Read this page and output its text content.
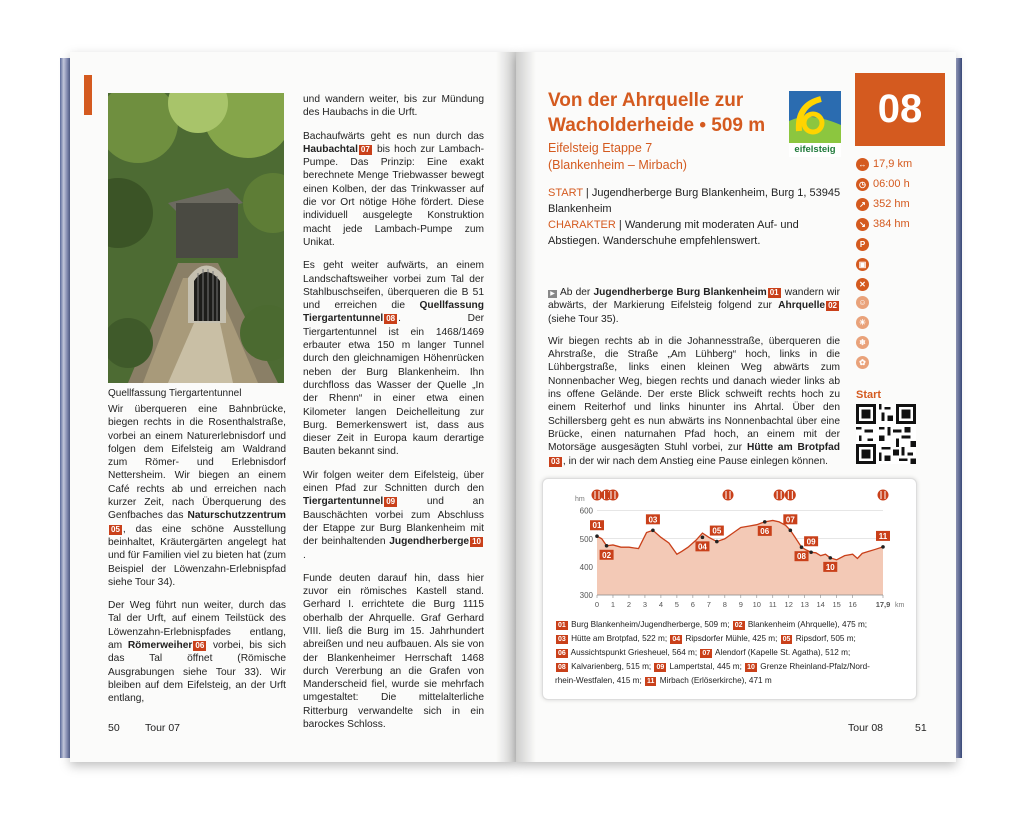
Quellfassung Tiergartentunnel

Wir überqueren eine Bahnbrücke, biegen rechts in die Rosenthalstraße, vorbei an einem Naturerlebnisdorf und folgen dem Eifelsteig am Waldrand zum Römer- und Erlebnisdorf Nettersheim. Wir biegen an einem Café rechts ab und erreichen nach kurzer Zeit, nach Überquerung des Genfbaches das Naturschutzzentrum05 , das eine schöne Ausstellung beinhaltet, Kräutergärten angelegt hat und für Familien viel zu bieten hat (zum Beispiel der Löwenzahn-Erlebnispfad siehe Tour 34).

Der Weg führt nun weiter, durch das Tal der Urft, auf einem Teilstück des Löwenzahn-Erlebnispfades entlang, am Römerweiher 06 vorbei, bis sich das Tal öffnet (Römische Ausgrabungen siehe Tour 33). Wir bleiben auf dem Eifelsteig, an der Urft entlang,

und wandern weiter, bis zur Mündung des Haubachs in die Urft.

Bachaufwärts geht es nun durch das Haubachtal 07 bis hoch zur Lambach-Pumpe. Das Prinzip: Eine exakt berechnete Menge Triebwasser bewegt einen Kolben, der das Trinkwasser auf die vor Ort nötige Höhe fördert. Diese individuell ausgelegte Konstruktion macht jede Lambach-Pumpe zum Unikat.

Es geht weiter aufwärts, an einem Landschaftsweiher vorbei zum Tal der Stahlbuschseifen, überqueren die B 51 und erreichen die Quellfassung Tiergartentunnel 08 . Der Tiergartentunnel ist ein 1468/1469 erbauter etwa 150 m langer Tunnel durch den gleichnamigen Höhenrücken neben der Burg Blankenheim. Ihn durchfloss das Wasser der Quelle „In der Rhenn“ in einer etwa einen Kilometer langen Deichelleitung zur Burg. Bemerkenswert ist, dass aus dieser Zeit in Europa kaum derartige Bauten bekannt sind.

Wir folgen weiter dem Eifelsteig, über einen Pfad zur Schnitten durch den Tiergartentunnel 09 und an Bauschächten vorbei zum Abschluss der Etappe zur Burg Blankenheim mit der beinhaltenden Jugendherberge 10.

Funde deuten darauf hin, dass hier zuvor ein römisches Kastell stand. Gerhard I. errichtete die Burg 1115 oberhalb der Ahrquelle. Graf Gerhard VIII. ließ die Burg im 15. Jahrhundert abreißen und neu aufbauen. Als sie von der Blankenheimer Herrschaft 1468 durch Vererbung an die Grafen von Manderscheid fiel, wurde sie mehrfach umgestaltet: Die mittelalterliche Ritterburg verwandelte sich in ein barockes Schloss.

50 Tour 07
Von der Ahrquelle zur
Wacholderheide • 509 m
Eifelsteig Etappe 7
(Blankenheim – Mirbach)
eifelsteig
08
START | Jugendherberge Burg Blankenheim, Burg 1, 53945 Blankenheim
CHARAKTER | Wanderung mit moderaten Auf- und Abstiegen. Wanderschuhe empfehlenswert.
↔ 17,9 km
◷ 06:00 h
↗ 352 hm
↘ 384 hm
P
▣
✕
☺
☀
❄
✿
Start

▶ Ab der Jugendherberge Burg Blankenheim 01 wandern wir abwärts, der Markierung Eifelsteig folgend zur Ahrquelle 02 (siehe Tour 35).

Wir biegen rechts ab in die Johannesstraße, überqueren die Ahrstraße, die Straße „Am Lühberg“ hoch, links in die Lühbergstraße, links einen kleinen Weg abwärts zum Nonnenbacher Weg, biegen rechts und danach wieder links ab ins offene Gelände. Der erste Blick schweift rechts hoch zu einem Reiterhof und links hinunter ins Ahrtal. Über den Schillersberg geht es nun abwärts ins Nonnenbachtal über eine Brücke, einen naturnahen Pfad hoch, an einem mit der Motorsäge ausgesägten Stuhl vorbei, zur Hütte am Brotpfad03 , in der wir nach dem Anstieg eine Pause einlegen können.

300
400
500
600
hm
0 1 2 3 4 5 6 7 8 9 10 11 12 13 14 15 16	17,9 km
01
02
03
04
05	06
07
08
09
10
11
01 Burg Blankenheim/Jugendherberge, 509 m; 02 Blankenheim (Ahrquelle), 475 m;
03 Hütte am Brotpfad, 522 m; 04 Ripsdorfer Mühle, 425 m; 05 Ripsdorf, 505 m;
06 Aussichtspunkt Griesheuel, 564 m; 07 Alendorf (Kapelle St. Agatha), 512 m;
08 Kalvarienberg, 515 m; 09 Lampertstal, 445 m; 10 Grenze Rheinland-Pfalz/Nord-
rhein-Westfalen, 415 m; 11 Mirbach (Erlöserkirche), 471 m
Tour 08	51
